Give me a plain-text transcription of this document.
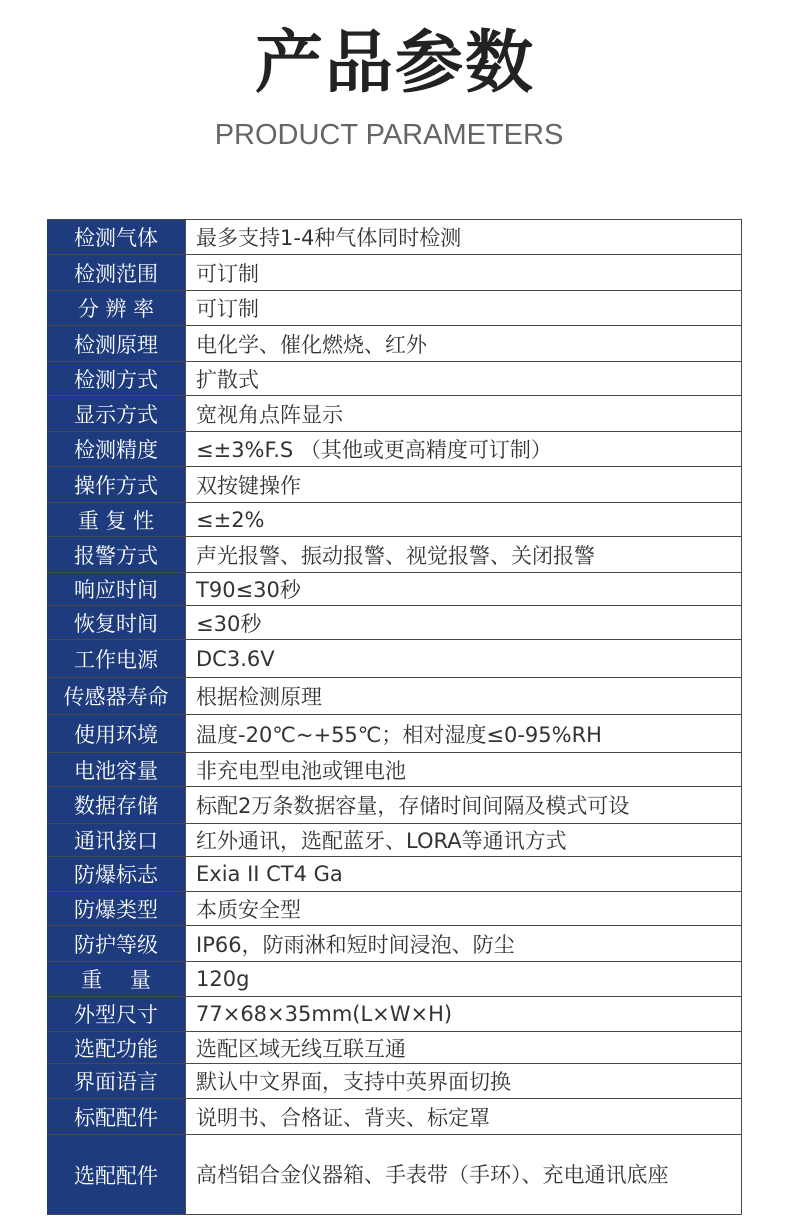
产品参数
PRODUCT PARAMETERS
检测气体	最多支持1-4种气体同时检测
检测范围	可订制
分 辨 率	可订制
检测原理	电化学、催化燃烧、红外
检测方式	扩散式
显示方式	宽视角点阵显示
检测精度	≤±3%F.S （其他或更高精度可订制）
操作方式	双按键操作
重 复 性	≤±2%
报警方式	声光报警、振动报警、视觉报警、关闭报警
响应时间	T90≤30秒
恢复时间	≤30秒
工作电源	DC3.6V
传感器寿命	根据检测原理
使用环境	温度-20℃~+55℃；相对湿度≤0-95%RH
电池容量	非充电型电池或锂电池
数据存储	标配2万条数据容量，存储时间间隔及模式可设
通讯接口	红外通讯，选配蓝牙、LORA等通讯方式
防爆标志	Exia II CT4 Ga
防爆类型	本质安全型
防护等级	IP66，防雨淋和短时间浸泡、防尘
重　 量	120g
外型尺寸	77×68×35mm(L×W×H)
选配功能	选配区域无线互联互通
界面语言	默认中文界面，支持中英界面切换
标配配件	说明书、合格证、背夹、标定罩
选配配件	高档铝合金仪器箱、手表带（手环）、充电通讯底座
